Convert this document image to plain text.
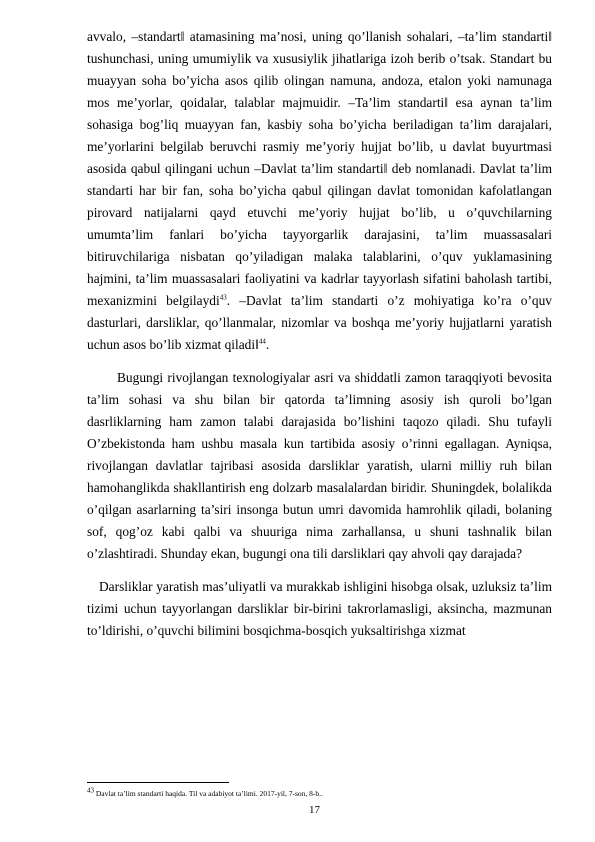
avvalo, –standart‖ atamasining ma’nosi, uning qo’llanish sohalari, –ta’lim standarti‖ tushunchasi, uning umumiylik va xususiylik jihatlariga izoh berib o’tsak. Standart bu muayyan soha bo’yicha asos qilib olingan namuna, andoza, etalon yoki namunaga mos me’yorlar, qoidalar, talablar majmuidir. –Ta’lim standarti‖ esa aynan ta’lim sohasiga bog’liq muayyan fan, kasbiy soha bo’yicha beriladigan ta’lim darajalari, me’yorlarini belgilab beruvchi rasmiy me’yoriy hujjat bo’lib, u davlat buyurtmasi asosida qabul qilingani uchun –Davlat ta’lim standarti‖ deb nomlanadi. Davlat ta’lim standarti har bir fan, soha bo’yicha qabul qilingan davlat tomonidan kafolatlangan pirovard natijalarni qayd etuvchi me’yoriy hujjat bo’lib, u o’quvchilarning umumta’lim fanlari bo’yicha tayyorgarlik darajasini, ta’lim muassasalari bitiruvchilariga nisbatan qo’yiladigan malaka talablarini, o’quv yuklamasining hajmini, ta’lim muassasalari faoliyatini va kadrlar tayyorlash sifatini baholash tartibi, mexanizmini belgilaydi$^{43}$. –Davlat ta’lim standarti o’z mohiyatiga ko’ra o’quv dasturlari, darsliklar, qo’llanmalar, nizomlar va boshqa me’yoriy hujjatlarni yaratish uchun asos bo’lib xizmat qiladi‖$^{44}$.

Bugungi rivojlangan texnologiyalar asri va shiddatli zamon taraqqiyoti bevosita ta’lim sohasi va shu bilan bir qatorda ta’limning asosiy ish quroli bo’lgan dasrliklarning ham zamon talabi darajasida bo’lishini taqozo qiladi. Shu tufayli O’zbekistonda ham ushbu masala kun tartibida asosiy o’rinni egallagan. Ayniqsa, rivojlangan davlatlar tajribasi asosida darsliklar yaratish, ularni milliy ruh bilan hamohanglikda shakllantirish eng dolzarb masalalardan biridir. Shuningdek, bolalikda o’qilgan asarlarning ta’siri insonga butun umri davomida hamrohlik qiladi, bolaning sof, qog’oz kabi qalbi va shuuriga nima zarhallansa, u shuni tashnalik bilan o’zlashtiradi. Shunday ekan, bugungi ona tili darsliklari qay ahvoli qay darajada?

Darsliklar yaratish mas’uliyatli va murakkab ishligini hisobga olsak, uzluksiz ta’lim tizimi uchun tayyorlangan darsliklar bir-birini takrorlamasligi, aksincha, mazmunan to’ldirishi, o’quvchi bilimini bosqichma-bosqich yuksaltirishga xizmat

$^{43}$ Davlat ta’lim standarti haqida. Til va adabiyot ta’limi. 2017-yil, 7-son, 8-b..
17
